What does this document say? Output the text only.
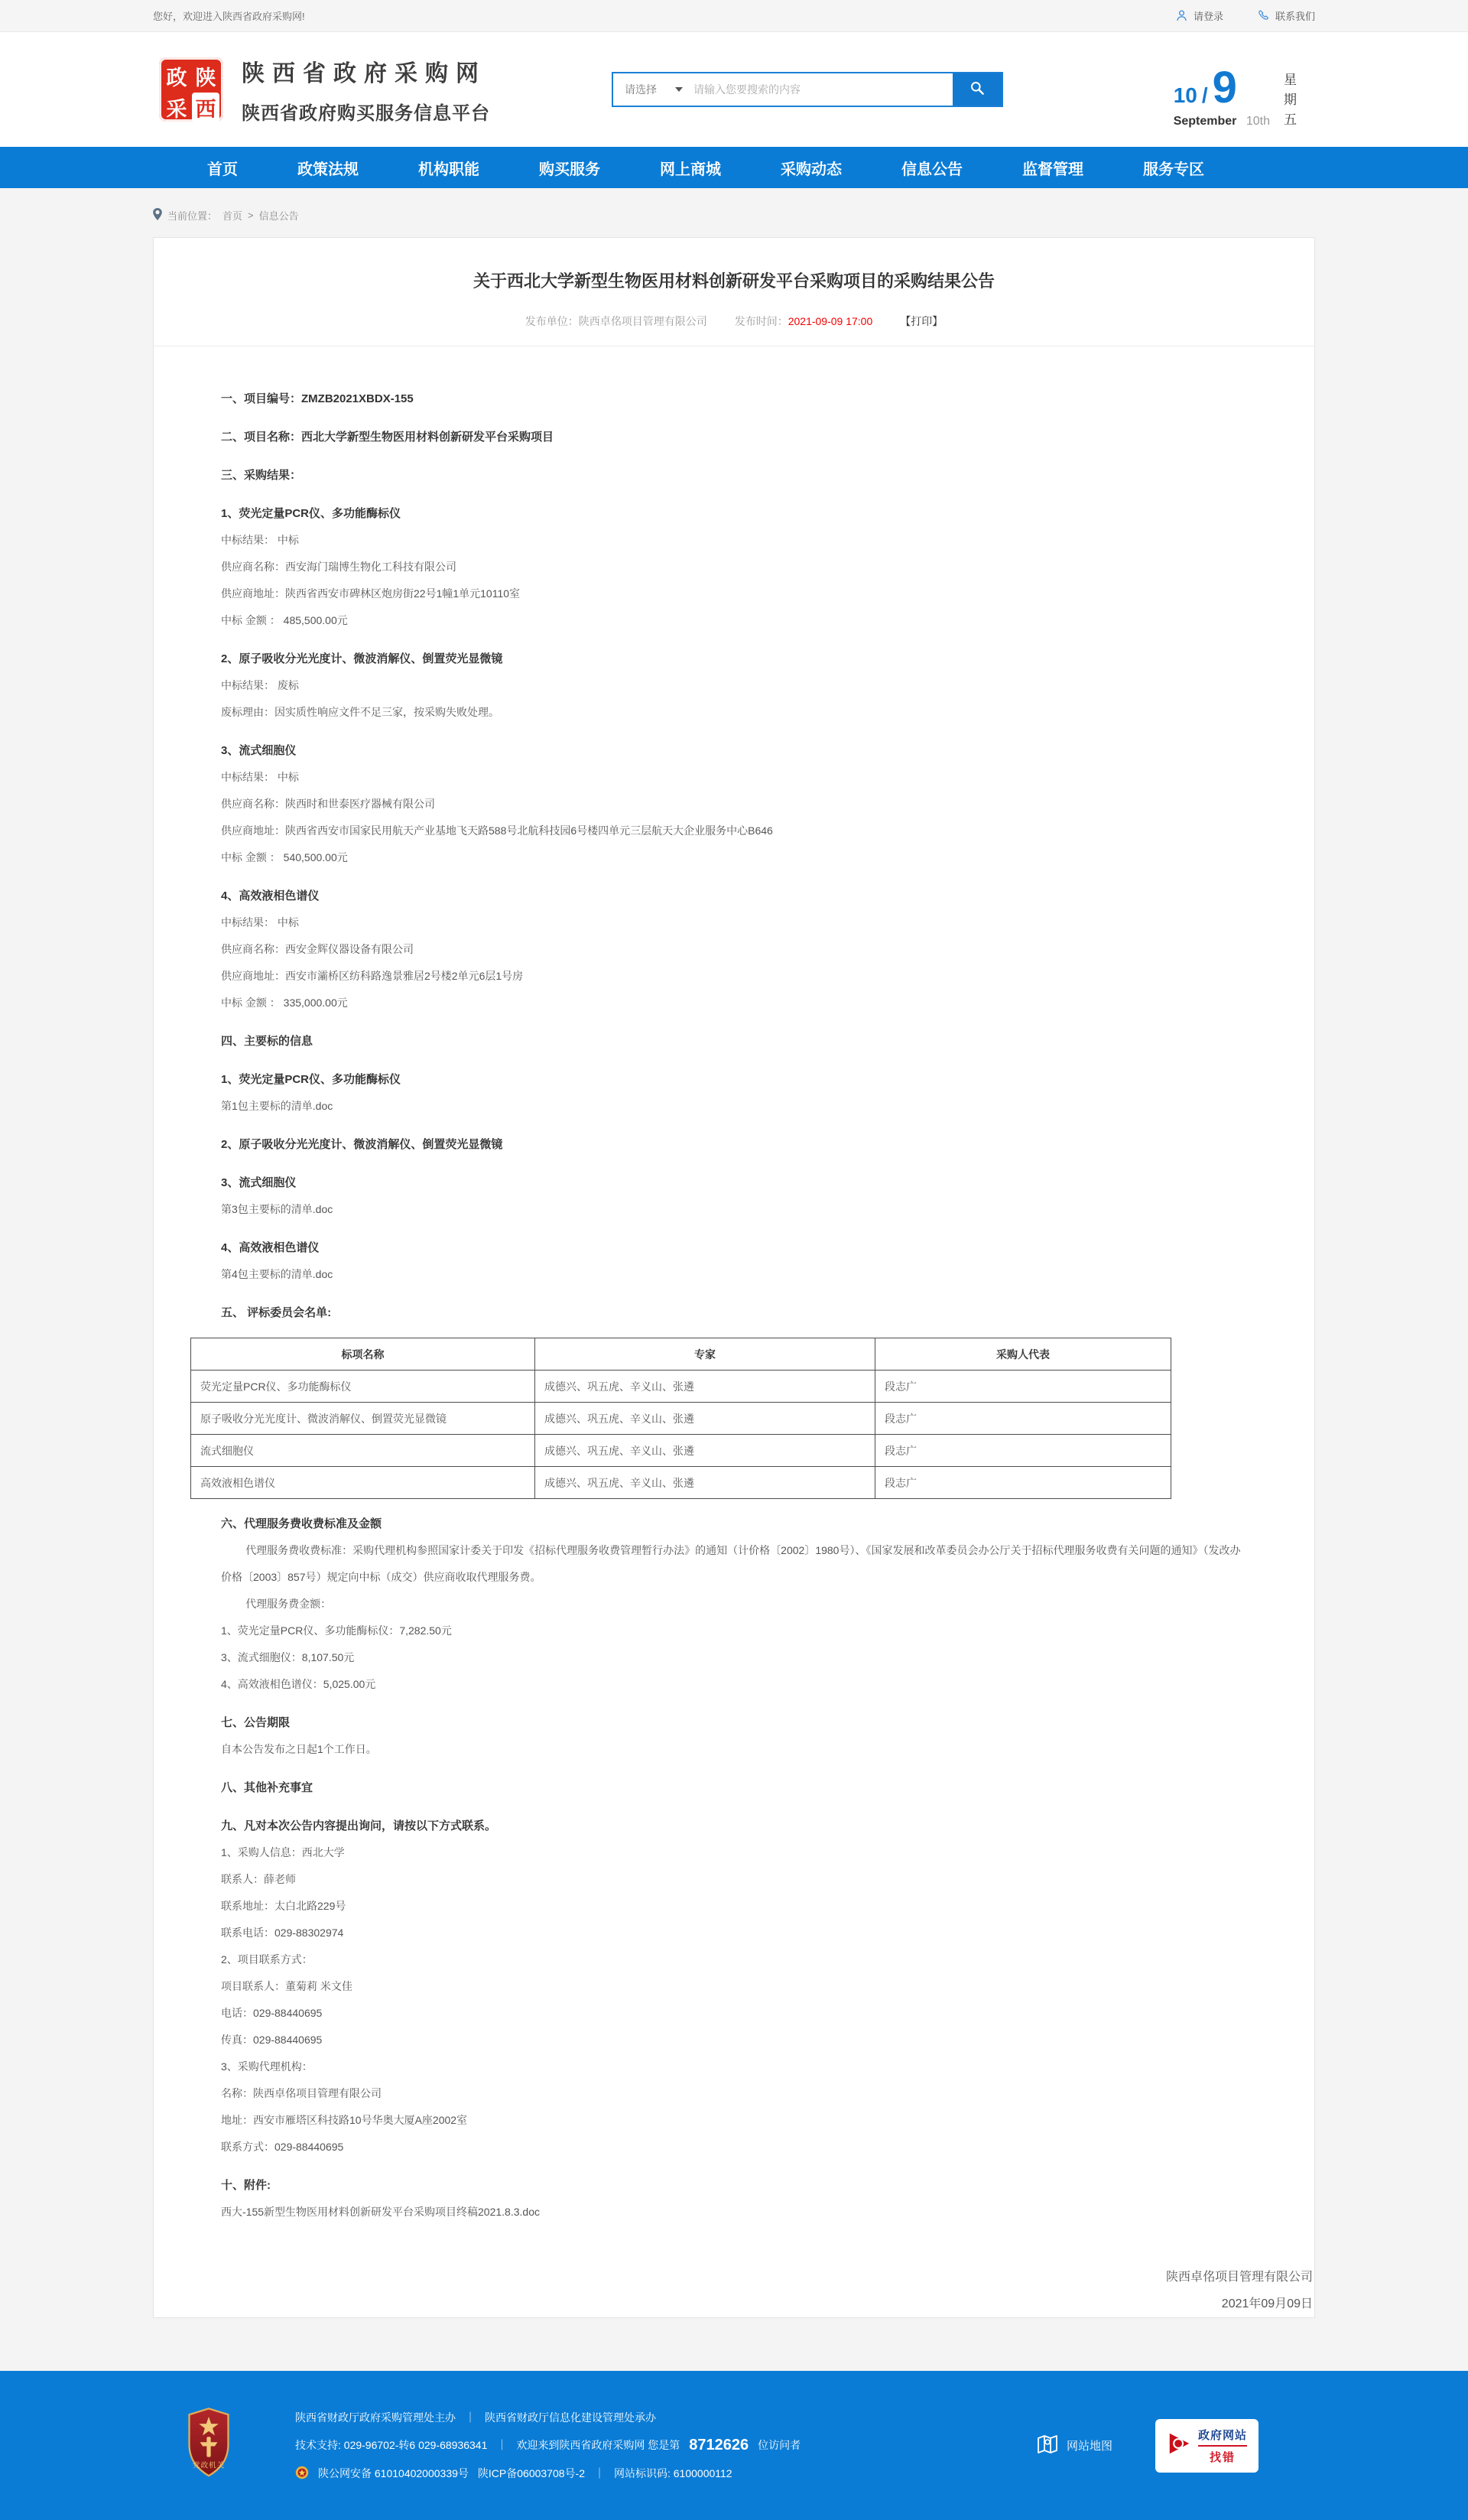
您好，欢迎进入陕西省政府采购网!	请登录	联系我们
政 陕
采 西
陕西省政府采购网
陕西省政府购买服务信息平台
请选择
请输入您要搜索的内容	10 / 9
September 10th
星
期
五
首页	政策法规	机构职能	购买服务	网上商城	采购动态	信息公告	监督管理	服务专区
当前位置： 首页 > 信息公告
关于西北大学新型生物医用材料创新研发平台采购项目的采购结果公告
发布单位：陕西卓佲项目管理有限公司	发布时间：2021-09-09 17:00	【打印】
一、项目编号：ZMZB2021XBDX-155
二、项目名称：西北大学新型生物医用材料创新研发平台采购项目
三、采购结果：
1、荧光定量PCR仪、多功能酶标仪
中标结果： 中标
供应商名称：西安海门瑞博生物化工科技有限公司
供应商地址：陕西省西安市碑林区炮房街22号1幢1单元10110室
中标 金额 ： 485,500.00元
2、原子吸收分光光度计、微波消解仪、倒置荧光显微镜
中标结果： 废标
废标理由：因实质性响应文件不足三家，按采购失败处理。
3、流式细胞仪
中标结果： 中标
供应商名称：陕西时和世泰医疗器械有限公司
供应商地址：陕西省西安市国家民用航天产业基地飞天路588号北航科技园6号楼四单元三层航天大企业服务中心B646
中标 金额 ： 540,500.00元
4、高效液相色谱仪
中标结果： 中标
供应商名称：西安金辉仪器设备有限公司
供应商地址：西安市灞桥区纺科路逸景雅居2号楼2单元6层1号房
中标 金额 ： 335,000.00元
四、主要标的信息
1、荧光定量PCR仪、多功能酶标仪
第1包主要标的清单.doc
2、原子吸收分光光度计、微波消解仪、倒置荧光显微镜
3、流式细胞仪
第3包主要标的清单.doc
4、高效液相色谱仪
第4包主要标的清单.doc
五、 评标委员会名单:
标项名称	专家	采购人代表
荧光定量PCR仪、多功能酶标仪	成德兴、巩五虎、辛义山、张遴	段志广
原子吸收分光光度计、微波消解仪、倒置荧光显微镜	成德兴、巩五虎、辛义山、张遴	段志广
流式细胞仪	成德兴、巩五虎、辛义山、张遴	段志广
高效液相色谱仪	成德兴、巩五虎、辛义山、张遴	段志广
六、代理服务费收费标准及金额
代理服务费收费标准：采购代理机构参照国家计委关于印发《招标代理服务收费管理暂行办法》的通知（计价格〔2002〕1980号）、《国家发展和改革委员会办公厅关于招标代理服务收费有关问题的通知》（发改办价格〔2003〕857号）规定向中标（成交）供应商收取代理服务费。
代理服务费金额：
1、荧光定量PCR仪、多功能酶标仪：7,282.50元
3、流式细胞仪：8,107.50元
4、高效液相色谱仪：5,025.00元
七、公告期限
自本公告发布之日起1个工作日。
八、其他补充事宜
九、凡对本次公告内容提出询问，请按以下方式联系。
1、采购人信息：西北大学
联系人：薛老师
联系地址：太白北路229号
联系电话：029-88302974
2、项目联系方式：
项目联系人：董菊莉 米文佳
电话：029-88440695
传真：029-88440695
3、采购代理机构：
名称：陕西卓佲项目管理有限公司
地址：西安市雁塔区科技路10号华奥大厦A座2002室
联系方式：029-88440695
十、附件:
西大-155新型生物医用材料创新研发平台采购项目终稿2021.8.3.doc
陕西卓佲项目管理有限公司
2021年09月09日
党政机关
陕西省财政厅政府采购管理处主办 ｜ 陕西省财政厅信息化建设管理处承办
技术支持: 029-96702-转6 029-68936341 ｜ 欢迎来到陕西省政府采购网 您是第 8712626 位访问者
陕公网安备 61010402000339号 陕ICP备06003708号-2 ｜ 网站标识码: 6100000112
网站地图
政府网站
找错
